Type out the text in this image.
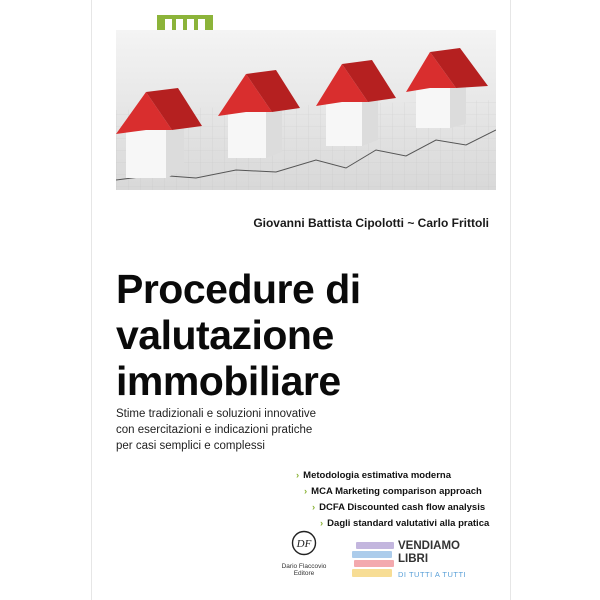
Giovanni Battista Cipolotti ~ Carlo Frittoli
Procedure di
valutazione
immobiliare
Stime tradizionali e soluzioni innovative
con esercitazioni e indicazioni pratiche
per casi semplici e complessi
› Metodologia estimativa moderna
› MCA Marketing comparison approach
› DCFA Discounted cash flow analysis
› Dagli standard valutativi alla pratica
DF
Dario Flaccovio Editore
VENDIAMO
LIBRI
DI TUTTI A TUTTI
